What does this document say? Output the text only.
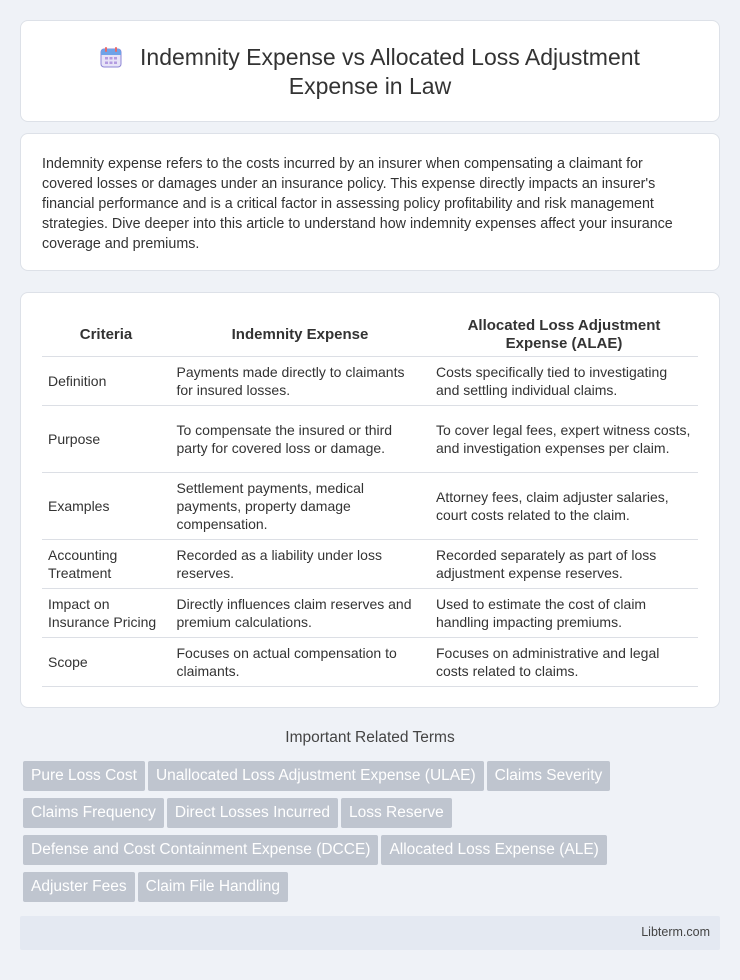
Indemnity Expense vs Allocated Loss Adjustment
Expense in Law

Indemnity expense refers to the costs incurred by an insurer when compensating a claimant for covered losses or damages under an insurance policy. This expense directly impacts an insurer's financial performance and is a critical factor in assessing policy profitability and risk management strategies. Dive deeper into this article to understand how indemnity expenses affect your insurance coverage and premiums.

Criteria	Indemnity Expense	Allocated Loss Adjustment Expense (ALAE)
Definition	Payments made directly to claimants for insured losses.	Costs specifically tied to investigating and settling individual claims.
Purpose	To compensate the insured or third party for covered loss or damage.	To cover legal fees, expert witness costs, and investigation expenses per claim.
Examples	Settlement payments, medical payments, property damage compensation.	Attorney fees, claim adjuster salaries, court costs related to the claim.
Accounting Treatment	Recorded as a liability under loss reserves.	Recorded separately as part of loss adjustment expense reserves.
Impact on Insurance Pricing	Directly influences claim reserves and premium calculations.	Used to estimate the cost of claim handling impacting premiums.
Scope	Focuses on actual compensation to claimants.	Focuses on administrative and legal costs related to claims.
Important Related Terms
Pure Loss Cost Unallocated Loss Adjustment Expense (ULAE) Claims Severity
Claims Frequency Direct Losses Incurred Loss Reserve
Defense and Cost Containment Expense (DCCE) Allocated Loss Expense (ALE)
Adjuster Fees Claim File Handling
Libterm.com
